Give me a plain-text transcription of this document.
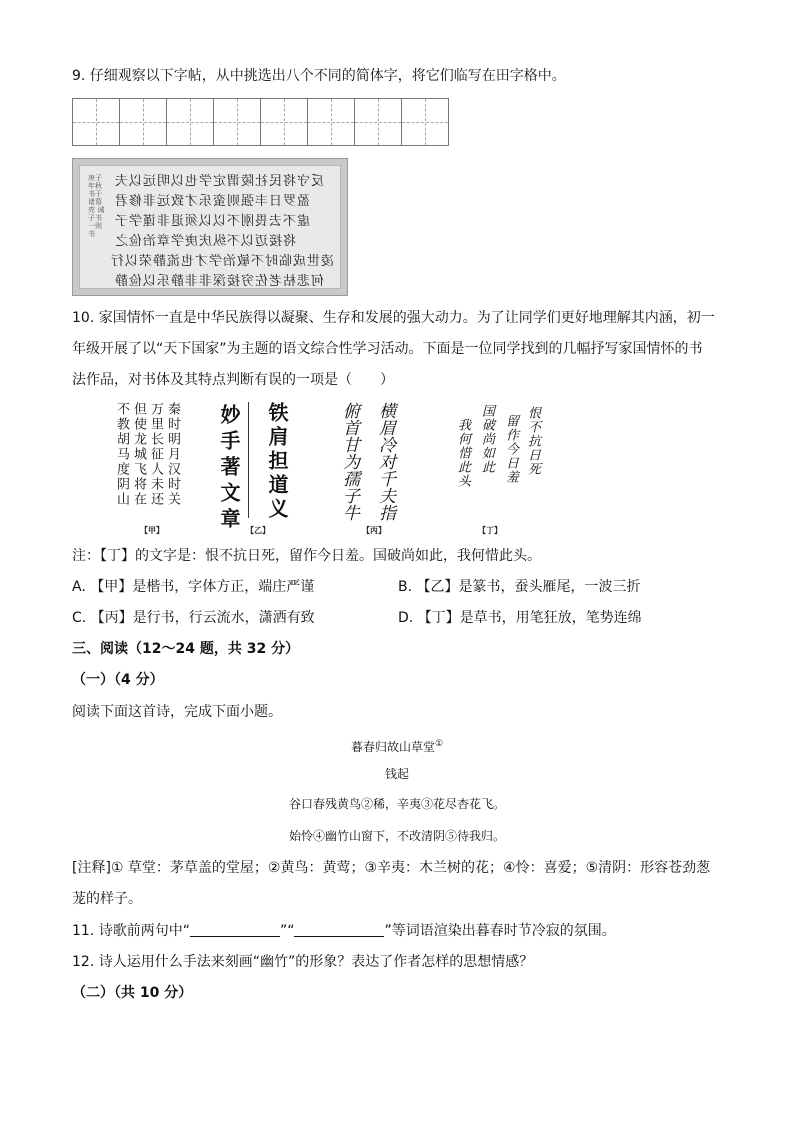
9. 仔细观察以下字帖，从中挑选出八个不同的简体字，将它们临写在田字格中。
庚子年秋 书于 诸葛亮 诫子书 一则 书
反守将民社陵谓定学也以明远以夫
盈罗日丰强则蛮乐才致远非修君
虚不去畏刚不以以须退非谨学子
将接迈以不纵庆庚学章治俭之
凌世成临时不敏治学才也流静荣以行
何悲枯老佐穷接深非非静乐以俭静
10. 家国情怀一直是中华民族得以凝聚、生存和发展的强大动力。为了让同学们更好地理解其内涵，初一
年级开展了以“天下国家”为主题的语文综合性学习活动。下面是一位同学找到的几幅抒写家国情怀的书
法作品，对书体及其特点判断有误的一项是（　　）
秦时明月汉时关
万里长征人未还
但使龙城飞将在
不教胡马度阴山
【甲】
铁肩担道义
妙手著文章 【乙】
横眉冷对千夫指
俯首甘为孺子牛
【丙】
恨不抗日死
留作今日羞
国破尚如此
我何惜此头
【丁】
注：【丁】的文字是：恨不抗日死，留作今日羞。国破尚如此，我何惜此头。
A. 【甲】是楷书，字体方正，端庄严谨	B. 【乙】是篆书，蚕头雁尾，一波三折
C. 【丙】是行书，行云流水，潇洒有致	D. 【丁】是草书，用笔狂放，笔势连绵
三、阅读（12～24 题，共 32 分）
（一）（4 分）
阅读下面这首诗，完成下面小题。
暮春归故山草堂①
钱起
谷口春残黄鸟②稀，辛夷③花尽杏花飞。
始怜④幽竹山窗下，不改清阴⑤待我归。
[注释]① 草堂：茅草盖的堂屋；②黄鸟：黄莺；③辛夷：木兰树的花；④怜：喜爱；⑤清阴：形容苍劲葱
茏的样子。
11. 诗歌前两句中“	”“	”等词语渲染出暮春时节冷寂的氛围。
12. 诗人运用什么手法来刻画“幽竹”的形象？表达了作者怎样的思想情感？
（二）（共 10 分）
